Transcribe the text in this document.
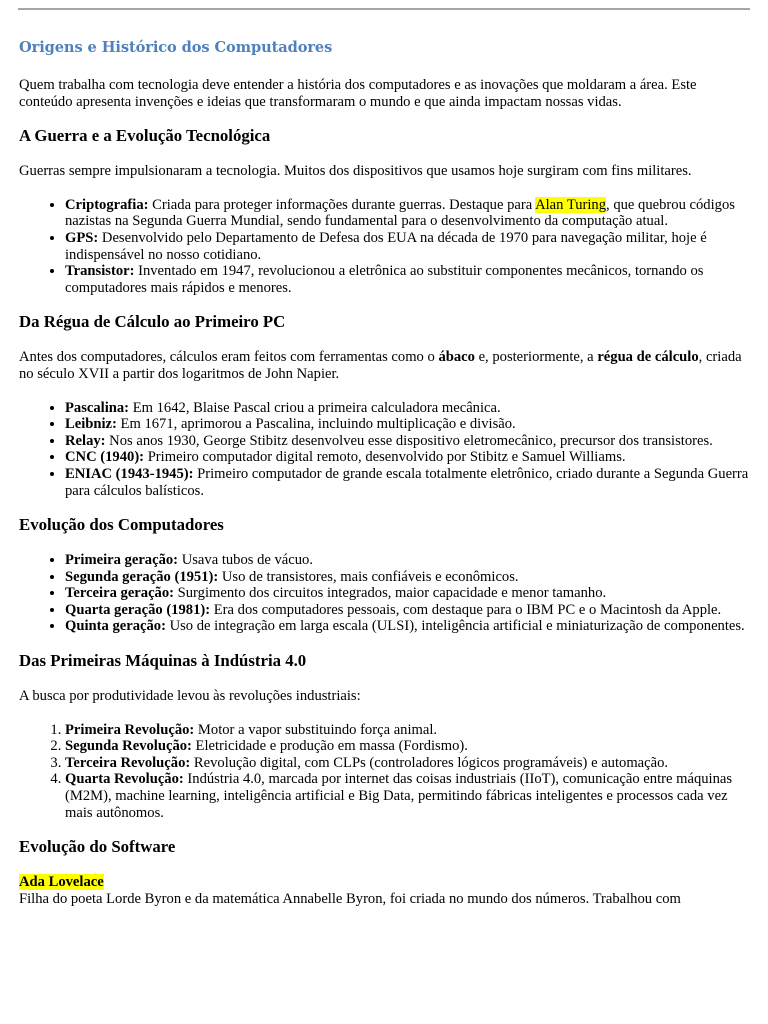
Origens e Histórico dos Computadores

Quem trabalha com tecnologia deve entender a história dos computadores e as inovações que moldaram a área. Este conteúdo apresenta invenções e ideias que transformaram o mundo e que ainda impactam nossas vidas.

A Guerra e a Evolução Tecnológica

Guerras sempre impulsionaram a tecnologia. Muitos dos dispositivos que usamos hoje surgiram com fins militares.

• Criptografia: Criada para proteger informações durante guerras. Destaque para Alan Turing, que quebrou códigos nazistas na Segunda Guerra Mundial, sendo fundamental para o desenvolvimento da computação atual.
• GPS: Desenvolvido pelo Departamento de Defesa dos EUA na década de 1970 para navegação militar, hoje é indispensável no nosso cotidiano.
• Transistor: Inventado em 1947, revolucionou a eletrônica ao substituir componentes mecânicos, tornando os computadores mais rápidos e menores.
Da Régua de Cálculo ao Primeiro PC

Antes dos computadores, cálculos eram feitos com ferramentas como o ábaco e, posteriormente, a régua de cálculo, criada no século XVII a partir dos logaritmos de John Napier.

• Pascalina: Em 1642, Blaise Pascal criou a primeira calculadora mecânica.
• Leibniz: Em 1671, aprimorou a Pascalina, incluindo multiplicação e divisão.
• Relay: Nos anos 1930, George Stibitz desenvolveu esse dispositivo eletromecânico, precursor dos transistores.
• CNC (1940): Primeiro computador digital remoto, desenvolvido por Stibitz e Samuel Williams.
• ENIAC (1943-1945): Primeiro computador de grande escala totalmente eletrônico, criado durante a Segunda Guerra para cálculos balísticos.
Evolução dos Computadores
• Primeira geração: Usava tubos de vácuo.
• Segunda geração (1951): Uso de transistores, mais confiáveis e econômicos.
• Terceira geração: Surgimento dos circuitos integrados, maior capacidade e menor tamanho.
• Quarta geração (1981): Era dos computadores pessoais, com destaque para o IBM PC e o Macintosh da Apple.
• Quinta geração: Uso de integração em larga escala (ULSI), inteligência artificial e miniaturização de componentes.
Das Primeiras Máquinas à Indústria 4.0

A busca por produtividade levou às revoluções industriais:

1. Primeira Revolução: Motor a vapor substituindo força animal.
2. Segunda Revolução: Eletricidade e produção em massa (Fordismo).
3. Terceira Revolução: Revolução digital, com CLPs (controladores lógicos programáveis) e automação.
4. Quarta Revolução: Indústria 4.0, marcada por internet das coisas industriais (IIoT), comunicação entre máquinas (M2M), machine learning, inteligência artificial e Big Data, permitindo fábricas inteligentes e processos cada vez mais autônomos.
Evolução do Software

Ada Lovelace

Filha do poeta Lorde Byron e da matemática Annabelle Byron, foi criada no mundo dos números. Trabalhou com
